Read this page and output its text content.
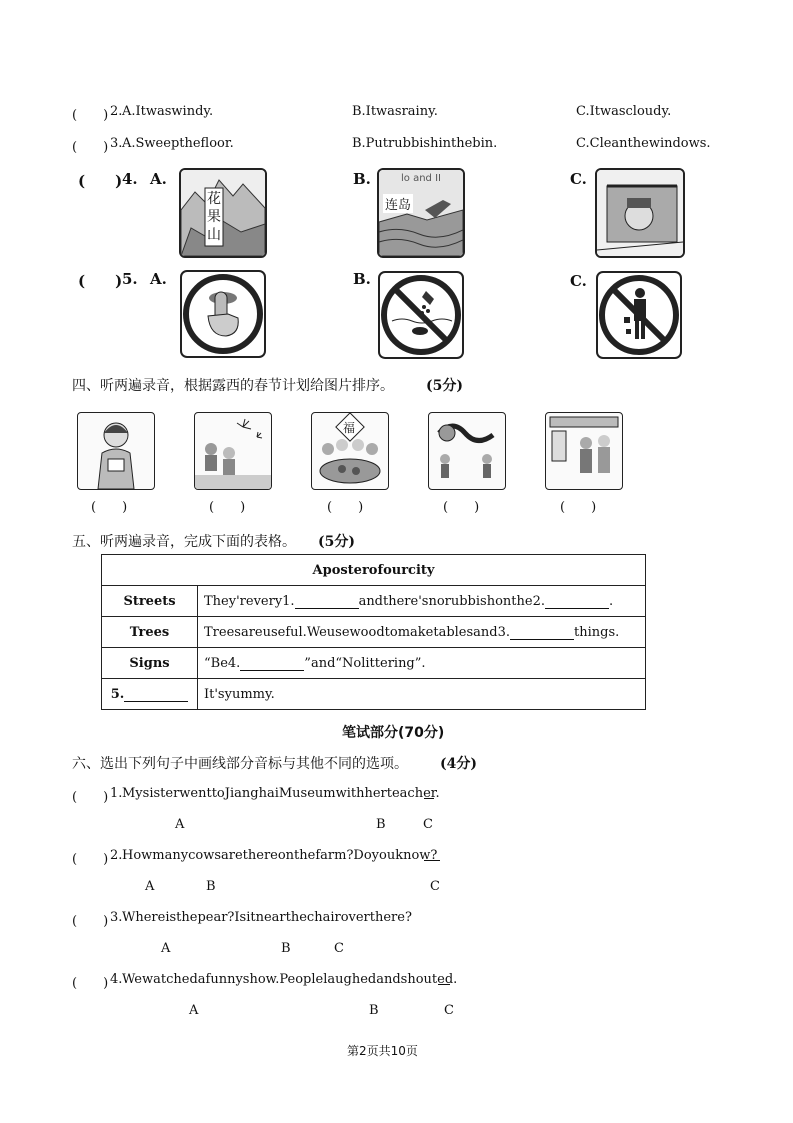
(　　) 2. A.Itwaswindy.	B.Itwasrainy.	C.Itwascloudy.
(　　) 3. A.Sweepthefloor.	B.Putrubbishinthebin.	C.Cleanthewindows.
(　　) 4. A.	B.	C.
花果山
lo and II
连岛
(　　) 5. A.	B.	C.
四、听两遍录音，根据露西的春节计划给图片排序。 (5分)
福
(　　)	(　　)	(　　)	(　　)	(　　)
五、听两遍录音，完成下面的表格。 (5分)
Aposterofourcity	
Streets	They'revery1. andthere'snorubbishonthe2. .
Trees	Treesareuseful.Weusewoodtomaketablesand3. things.
Signs	“Be4. ”and“Nolittering”.
5.	It'syummy.
笔试部分(70分)
六、选出下列句子中画线部分音标与其他不同的选项。 (4分)
(　　) 1. MysisterwenttoJianghaiMuseumwithherteacher.
A	B	C
(　　) 2. Howmanycowsarethereonthefarm?Doyouknow?
A	B	C
(　　) 3. Whereisthepear?Isitnearthechairoverthere?
A	B	C
(　　) 4. Wewatchedafunnyshow.Peoplelaughedandshouted.
A	B	C
第2页共10页
